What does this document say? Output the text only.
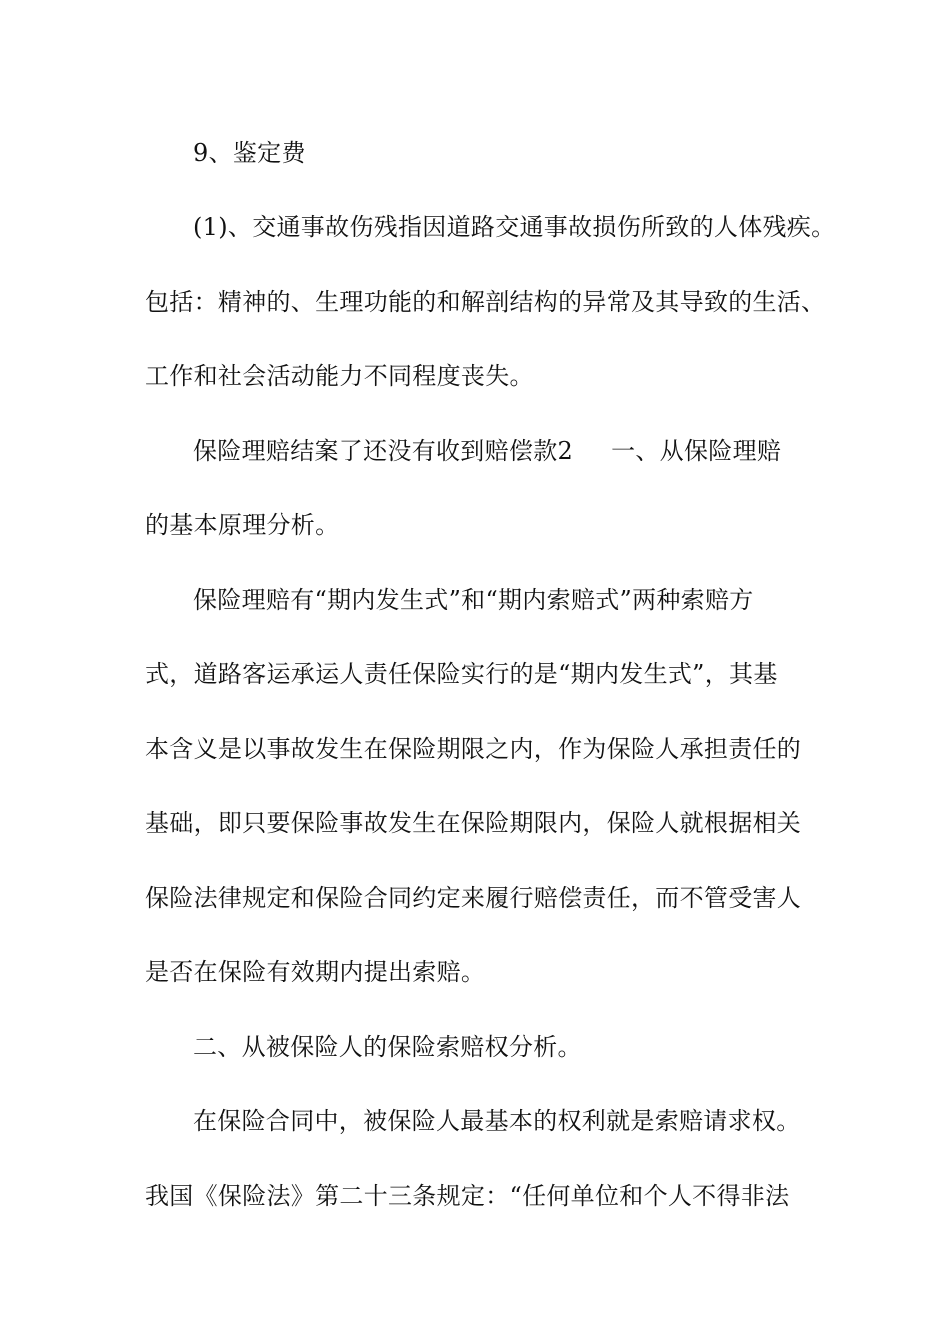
9、鉴定费
(1)、交通事故伤残指因道路交通事故损伤所致的人体残疾。
包括：精神的、生理功能的和解剖结构的异常及其导致的生活、
工作和社会活动能力不同程度丧失。
保险理赔结案了还没有收到赔偿款2 一、从保险理赔
的基本原理分析。
保险理赔有“期内发生式”和“期内索赔式”两种索赔方
式，道路客运承运人责任保险实行的是“期内发生式”，其基
本含义是以事故发生在保险期限之内，作为保险人承担责任的
基础，即只要保险事故发生在保险期限内，保险人就根据相关
保险法律规定和保险合同约定来履行赔偿责任，而不管受害人
是否在保险有效期内提出索赔。
二、从被保险人的保险索赔权分析。
在保险合同中，被保险人最基本的权利就是索赔请求权。
我国《保险法》第二十三条规定：“任何单位和个人不得非法
